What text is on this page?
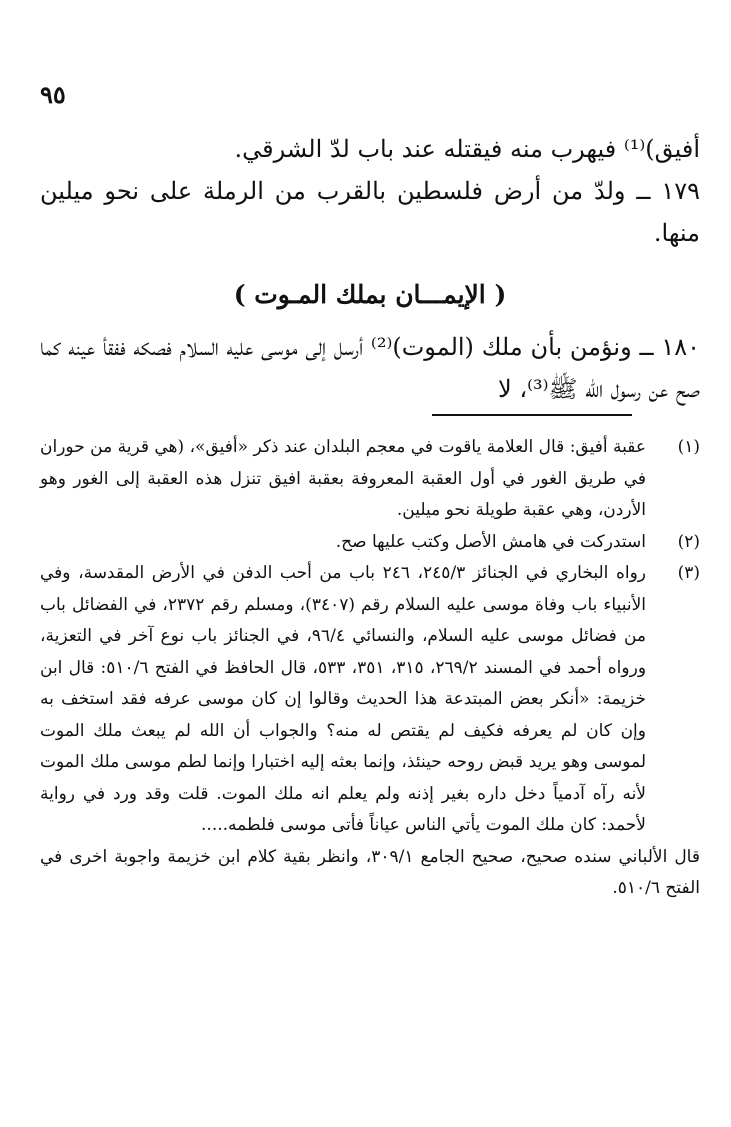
٩٥

أفيق)⁽¹⁾ فيهرب منه فيقتله عند باب لدّ الشرقي.

١٧٩ ــ ولدّ من أرض فلسطين بالقرب من الرملة على نحو ميلين منها.

( الإيمـــان بملك المـوت )

١٨٠ ــ ونؤمن بأن ملك (الموت)⁽²⁾ أرسل إلى موسى عليه السلام فصكه ففقأ عينه كما صح عن رسول الله ﷺ⁽³⁾، لا

(١)
عقبة أفيق: قال العلامة ياقوت في معجم البلدان عند ذكر «أفيق»، (هي قرية من حوران في طريق الغور في أول العقبة المعروفة بعقبة افيق تنزل هذه العقبة إلى الغور وهو الأردن، وهي عقبة طويلة نحو ميلين.
(٢)
استدركت في هامش الأصل وكتب عليها صح.
(٣)
رواه البخاري في الجنائز ٢٤٥/٣، ٢٤٦ باب من أحب الدفن في الأرض المقدسة، وفي الأنبياء باب وفاة موسى عليه السلام رقم (٣٤٠٧)، ومسلم رقم ٢٣٧٢، في الفضائل باب من فضائل موسى عليه السلام، والنسائي ٩٦/٤، في الجنائز باب نوع آخر في التعزية، ورواه أحمد في المسند ٢٦٩/٢، ٣١٥، ٣٥١، ٥٣٣، قال الحافظ في الفتح ٥١٠/٦: قال ابن خزيمة: «أنكر بعض المبتدعة هذا الحديث وقالوا إن كان موسى عرفه فقد استخف به وإن كان لم يعرفه فكيف لم يقتص له منه؟ والجواب أن الله لم يبعث ملك الموت لموسى وهو يريد قبض روحه حينئذ، وإنما بعثه إليه اختبارا وإنما لطم موسى ملك الموت لأنه رآه آدمياً دخل داره بغير إذنه ولم يعلم انه ملك الموت. قلت وقد ورد في رواية لأحمد: كان ملك الموت يأتي الناس عياناً فأتى موسى فلطمه.....

قال الألباني سنده صحيح، صحيح الجامع ٣٠٩/١، وانظر بقية كلام ابن خزيمة واجوبة اخرى في الفتح ٥١٠/٦.
